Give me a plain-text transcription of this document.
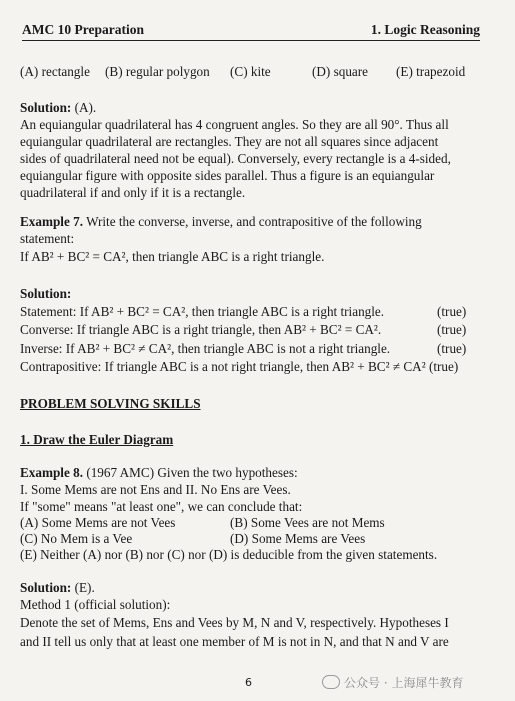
AMC 10 Preparation	1. Logic Reasoning
(A) rectangle (B) regular polygon (C) kite	(D) square (E) trapezoid
Solution: (A).
An equiangular quadrilateral has 4 congruent angles. So they are all 90°. Thus all
equiangular quadrilateral are rectangles. They are not all squares since adjacent
sides of quadrilateral need not be equal). Conversely, every rectangle is a 4-sided,
equiangular figure with opposite sides parallel. Thus a figure is an equiangular
quadrilateral if and only if it is a rectangle.
Example 7. Write the converse, inverse, and contrapositive of the following
statement:
If AB² + BC² = CA², then triangle ABC is a right triangle.
Solution:
Statement: If AB² + BC² = CA², then triangle ABC is a right triangle.	(true)
Converse: If triangle ABC is a right triangle, then AB² + BC² = CA².	(true)
Inverse: If AB² + BC² ≠ CA², then triangle ABC is not a right triangle.	(true)
Contrapositive: If triangle ABC is a not right triangle, then AB² + BC² ≠ CA² (true)
PROBLEM SOLVING SKILLS
1. Draw the Euler Diagram
Example 8. (1967 AMC) Given the two hypotheses:
I. Some Mems are not Ens and II. No Ens are Vees.
If "some" means "at least one", we can conclude that:
(A) Some Mems are not Vees	(B) Some Vees are not Mems
(C) No Mem is a Vee	(D) Some Mems are Vees
(E) Neither (A) nor (B) nor (C) nor (D) is deducible from the given statements.
Solution: (E).
Method 1 (official solution):
Denote the set of Mems, Ens and Vees by M, N and V, respectively. Hypotheses I
and II tell us only that at least one member of M is not in N, and that N and V are
6	公众号 · 上海犀牛教育
